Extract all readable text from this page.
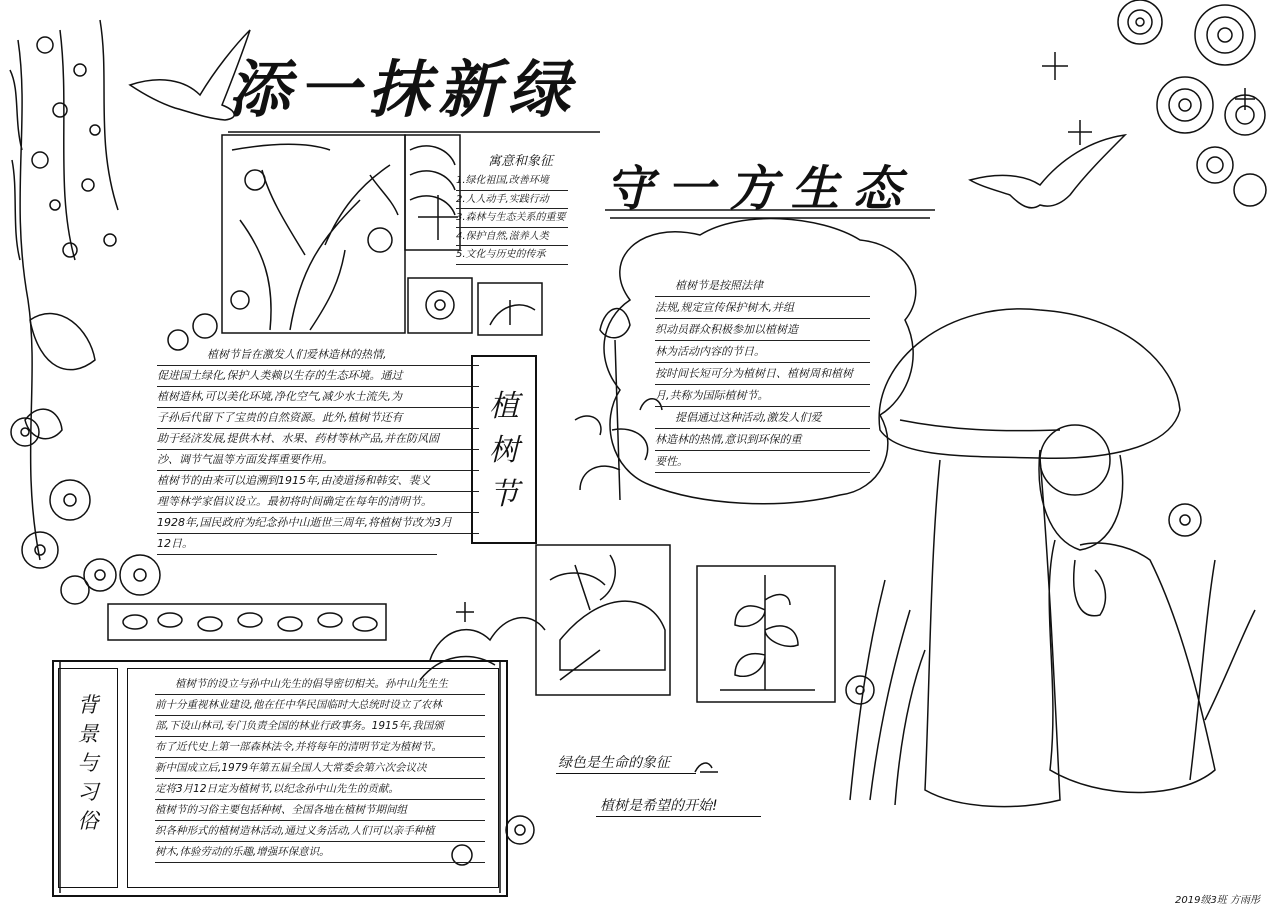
添一抹新绿
守一方生态
寓意和象征
1.绿化祖国,改善环境
2.人人动手,实践行动
3.森林与生态关系的重要
4.保护自然,滋养人类
5.文化与历史的传承
植树节旨在激发人们爱林造林的热情,
促进国土绿化,保护人类赖以生存的生态环境。通过
植树造林,可以美化环境,净化空气,减少水土流失,为
子孙后代留下了宝贵的自然资源。此外,植树节还有
助于经济发展,提供木材、水果、药材等林产品,并在防风固
沙、调节气温等方面发挥重要作用。
植树节的由来可以追溯到1915年,由凌道扬和韩安、裴义
理等林学家倡议设立。最初将时间确定在每年的清明节。
1928年,国民政府为纪念孙中山逝世三周年,将植树节改为3月
12日。
植
树
节
植树节是按照法律
法规,规定宣传保护树木,并组
织动员群众积极参加以植树造
林为活动内容的节日。
按时间长短可分为植树日、植树周和植树
月,共称为国际植树节。
提倡通过这种活动,激发人们爱
林造林的热情,意识到环保的重
要性。
背
景
与
习
俗
植树节的设立与孙中山先生的倡导密切相关。孙中山先生生
前十分重视林业建设,他在任中华民国临时大总统时设立了农林
部,下设山林司,专门负责全国的林业行政事务。1915年,我国颁
布了近代史上第一部森林法令,并将每年的清明节定为植树节。
新中国成立后,1979年第五届全国人大常委会第六次会议决
定将3月12日定为植树节,以纪念孙中山先生的贡献。
植树节的习俗主要包括种树、全国各地在植树节期间组
织各种形式的植树造林活动,通过义务活动,人们可以亲手种植
树木,体验劳动的乐趣,增强环保意识。
绿色是生命的象征
植树是希望的开始!
2019级3班 方雨彤
